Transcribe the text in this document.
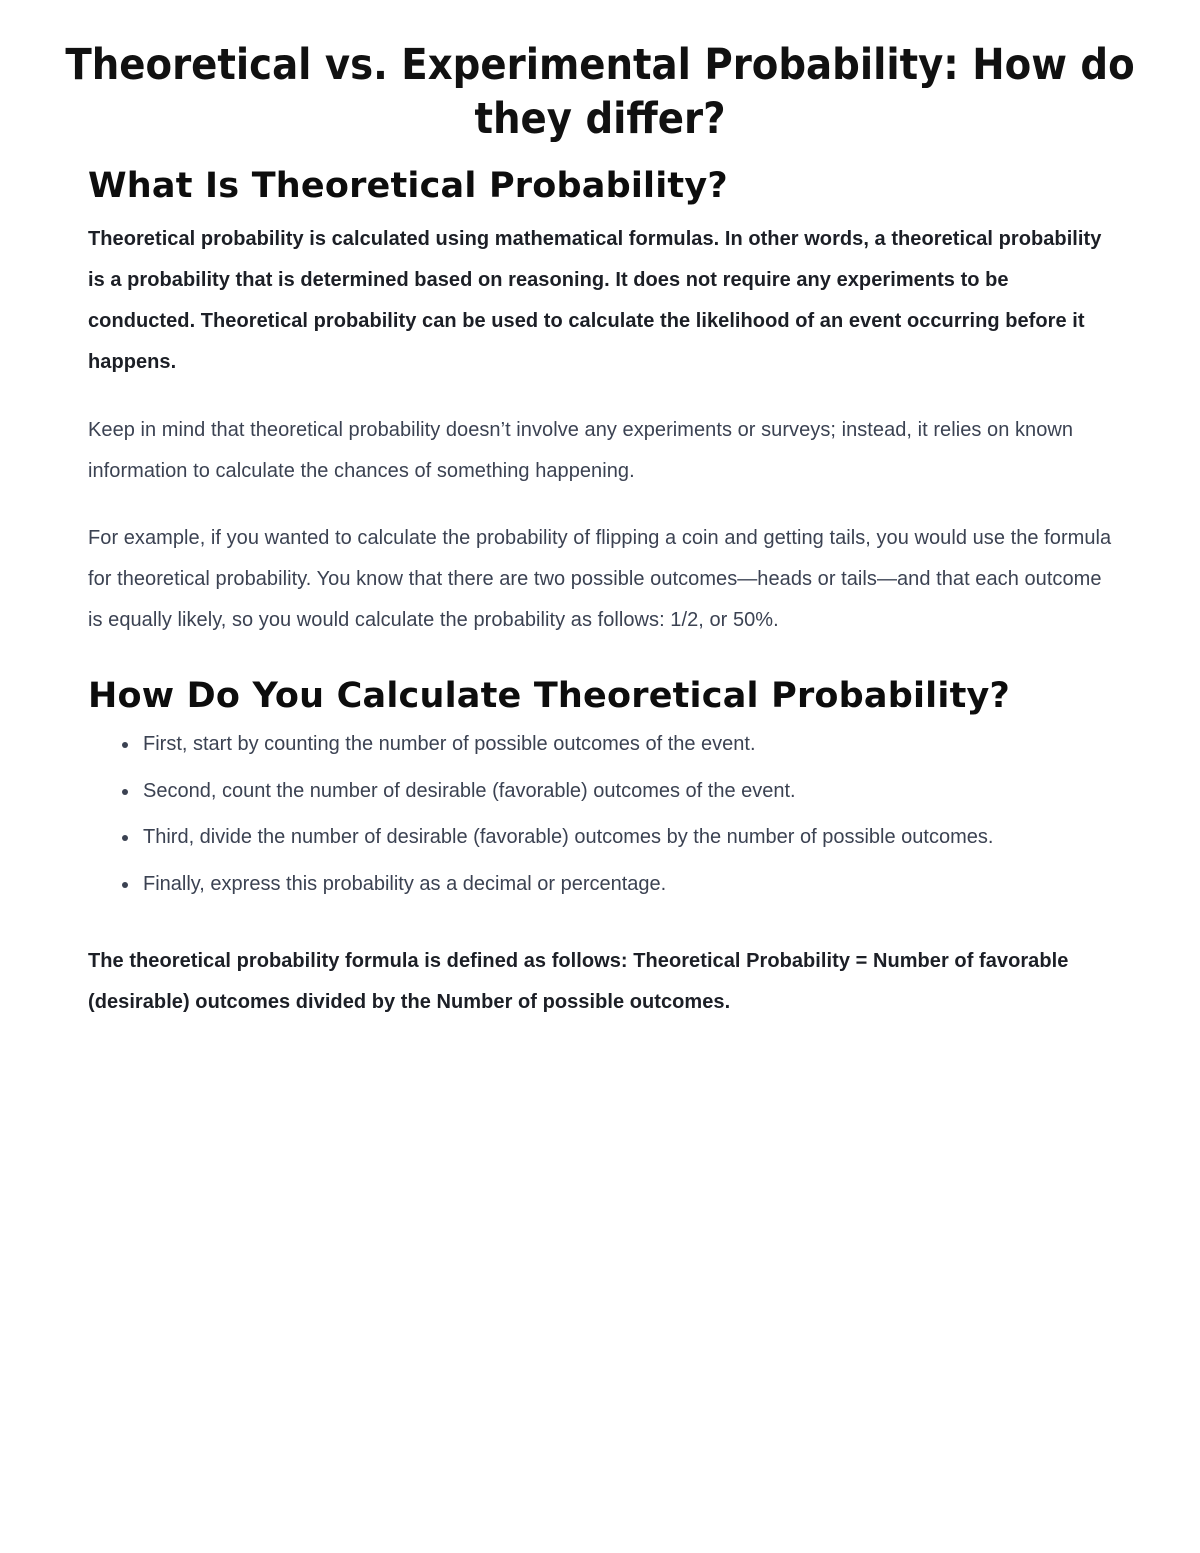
Theoretical vs. Experimental Probability: How do they differ?
What Is Theoretical Probability?

Theoretical probability is calculated using mathematical formulas. In other words, a theoretical probability is a probability that is determined based on reasoning. It does not require any experiments to be conducted. Theoretical probability can be used to calculate the likelihood of an event occurring before it happens.

Keep in mind that theoretical probability doesn’t involve any experiments or surveys; instead, it relies on known information to calculate the chances of something happening.

For example, if you wanted to calculate the probability of flipping a coin and getting tails, you would use the formula for theoretical probability. You know that there are two possible outcomes—heads or tails—and that each outcome is equally likely, so you would calculate the probability as follows: 1/2, or 50%.

How Do You Calculate Theoretical Probability?
First, start by counting the number of possible outcomes of the event.
Second, count the number of desirable (favorable) outcomes of the event.
Third, divide the number of desirable (favorable) outcomes by the number of possible outcomes.
Finally, express this probability as a decimal or percentage.

The theoretical probability formula is defined as follows: Theoretical Probability = Number of favorable (desirable) outcomes divided by the Number of possible outcomes.
